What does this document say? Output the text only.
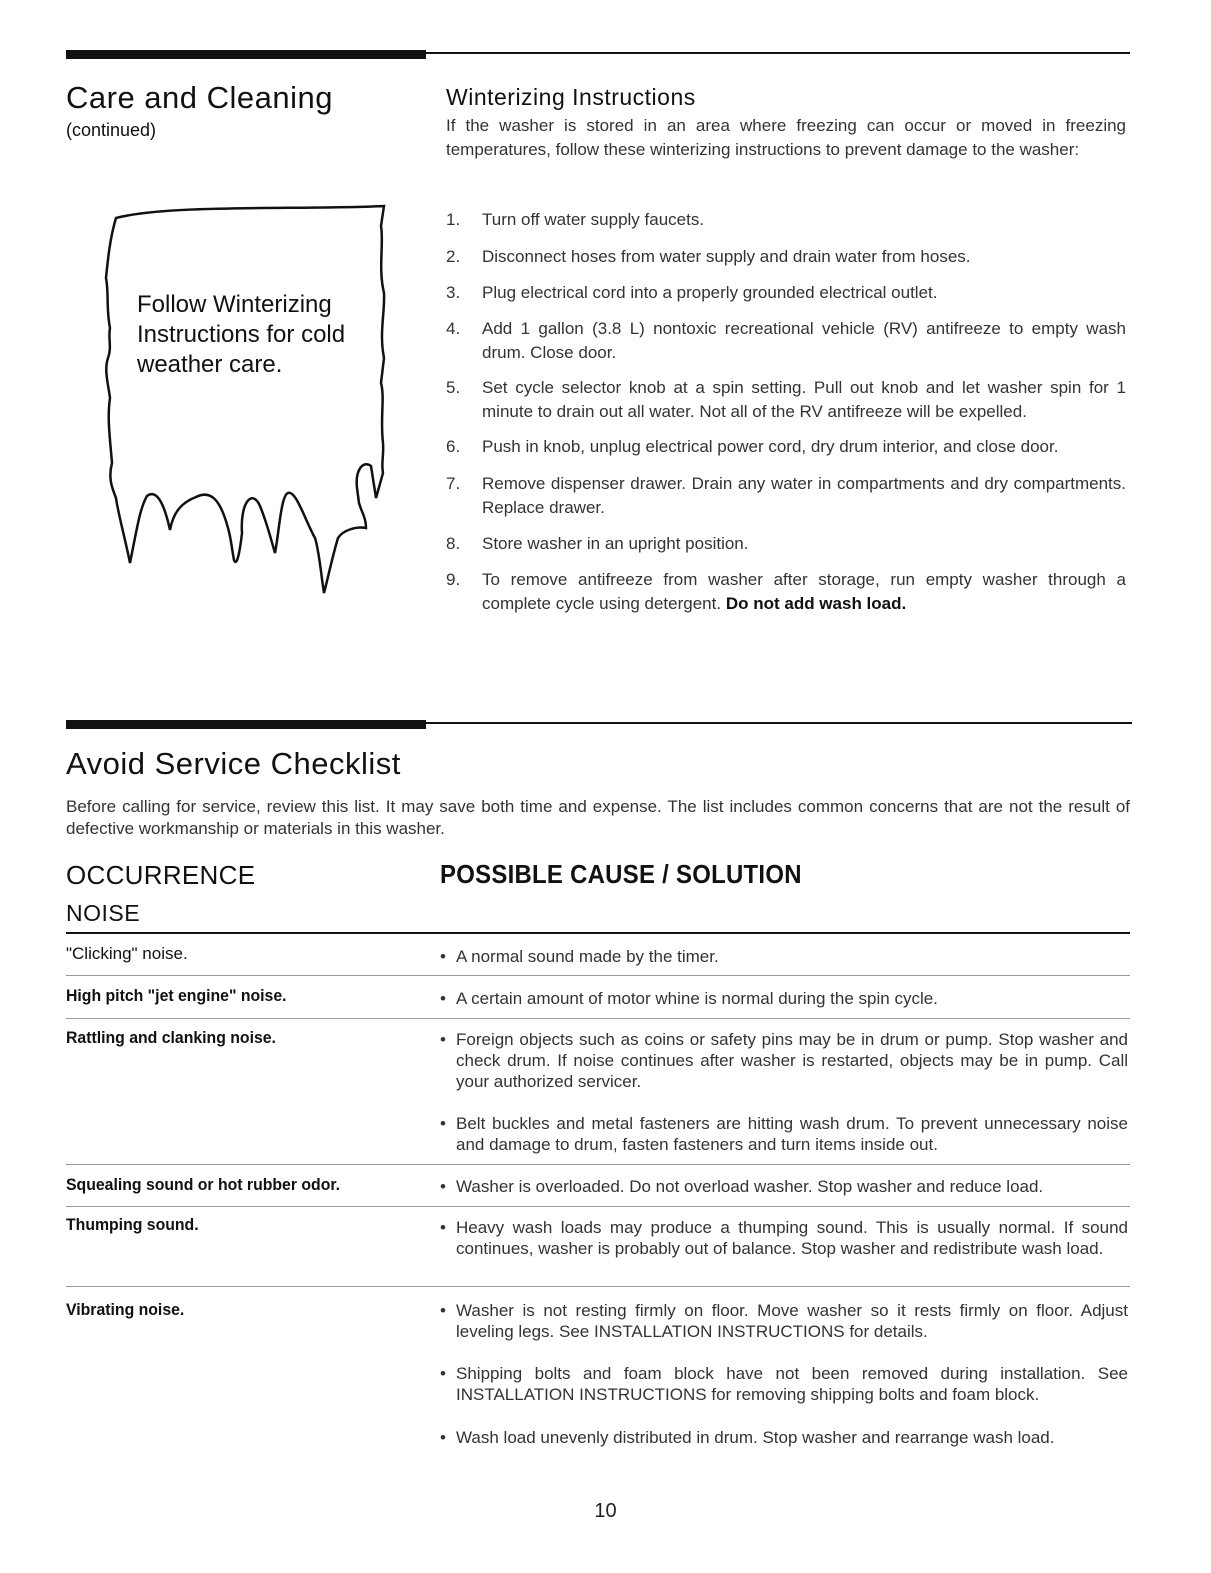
Care and Cleaning
(continued)
Follow Winterizing Instructions for cold weather care.
Winterizing Instructions
If the washer is stored in an area where freezing can occur or moved in freezing temperatures, follow these winterizing instructions to prevent damage to the washer:
1.	Turn off water supply faucets.
2.	Disconnect hoses from water supply and drain water from hoses.
3.	Plug electrical cord into a properly grounded electrical outlet.
4.	Add 1 gallon (3.8 L) nontoxic recreational vehicle (RV) antifreeze to empty wash drum. Close door.
5.	Set cycle selector knob at a spin setting. Pull out knob and let washer spin for 1 minute to drain out all water. Not all of the RV antifreeze will be expelled.
6.	Push in knob, unplug electrical power cord, dry drum interior, and close door.
7.	Remove dispenser drawer. Drain any water in compartments and dry compartments. Replace drawer.
8.	Store washer in an upright position.
9.	To remove antifreeze from washer after storage, run empty washer through a complete cycle using detergent. Do not add wash load.
Avoid Service Checklist
Before calling for service, review this list. It may save both time and expense. The list includes common concerns that are not the result of defective workmanship or materials in this washer.
OCCURRENCE	POSSIBLE CAUSE / SOLUTION
NOISE
"Clicking" noise.	• A normal sound made by the timer.
High pitch "jet engine" noise.	• A certain amount of motor whine is normal during the spin cycle.
Rattling and clanking noise.	• Foreign objects such as coins or safety pins may be in drum or pump. Stop washer and check drum. If noise continues after washer is restarted, objects may be in pump. Call your authorized servicer.
• Belt buckles and metal fasteners are hitting wash drum. To prevent unnecessary noise and damage to drum, fasten fasteners and turn items inside out.
Squealing sound or hot rubber odor.	• Washer is overloaded. Do not overload washer. Stop washer and reduce load.
Thumping sound.	• Heavy wash loads may produce a thumping sound. This is usually normal. If sound continues, washer is probably out of balance. Stop washer and redistribute wash load.
Vibrating noise.	• Washer is not resting firmly on floor. Move washer so it rests firmly on floor. Adjust leveling legs. See INSTALLATION INSTRUCTIONS for details.
• Shipping bolts and foam block have not been removed during installation. See INSTALLATION INSTRUCTIONS for removing shipping bolts and foam block.
• Wash load unevenly distributed in drum. Stop washer and rearrange wash load.
10
